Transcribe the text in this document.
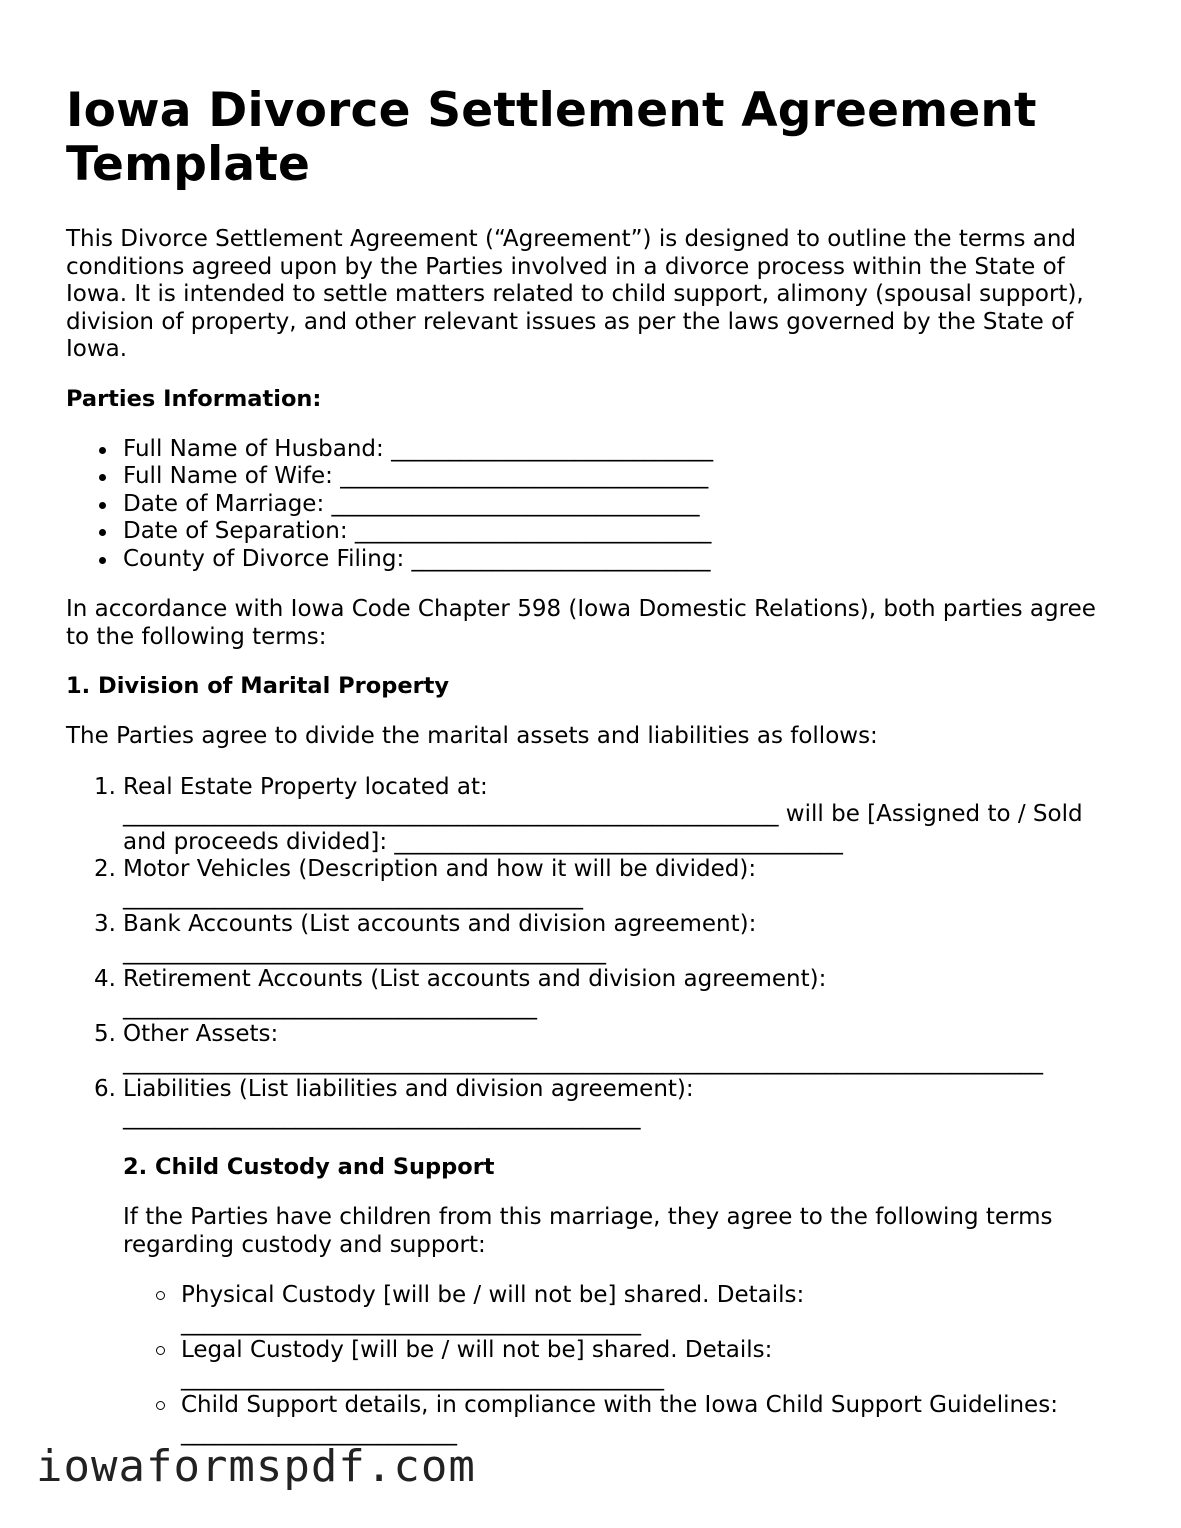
Iowa Divorce Settlement Agreement Template

This Divorce Settlement Agreement (“Agreement”) is designed to outline the terms and conditions agreed upon by the Parties involved in a divorce process within the State of Iowa. It is intended to settle matters related to child support, alimony (spousal support), division of property, and other relevant issues as per the laws governed by the State of Iowa.

Parties Information:
Full Name of Husband: ____________________________
Full Name of Wife: ________________________________
Date of Marriage: ________________________________
Date of Separation: _______________________________
County of Divorce Filing: __________________________

In accordance with Iowa Code Chapter 598 (Iowa Domestic Relations), both parties agree to the following terms:

1. Division of Marital Property

The Parties agree to divide the marital assets and liabilities as follows:

1. Real Estate Property located at:
_________________________________________________________ will be [Assigned to / Sold
and proceeds divided]: _______________________________________
2. Motor Vehicles (Description and how it will be divided):
________________________________________
3. Bank Accounts (List accounts and division agreement):
__________________________________________
4. Retirement Accounts (List accounts and division agreement):
____________________________________
5. Other Assets:
________________________________________________________________________________
6. Liabilities (List liabilities and division agreement):
_____________________________________________
2. Child Custody and Support

If the Parties have children from this marriage, they agree to the following terms regarding custody and support:

Physical Custody [will be / will not be] shared. Details:
________________________________________
Legal Custody [will be / will not be] shared. Details:
__________________________________________
Child Support details, in compliance with the Iowa Child Support Guidelines:
________________________
iowaformspdf.com
